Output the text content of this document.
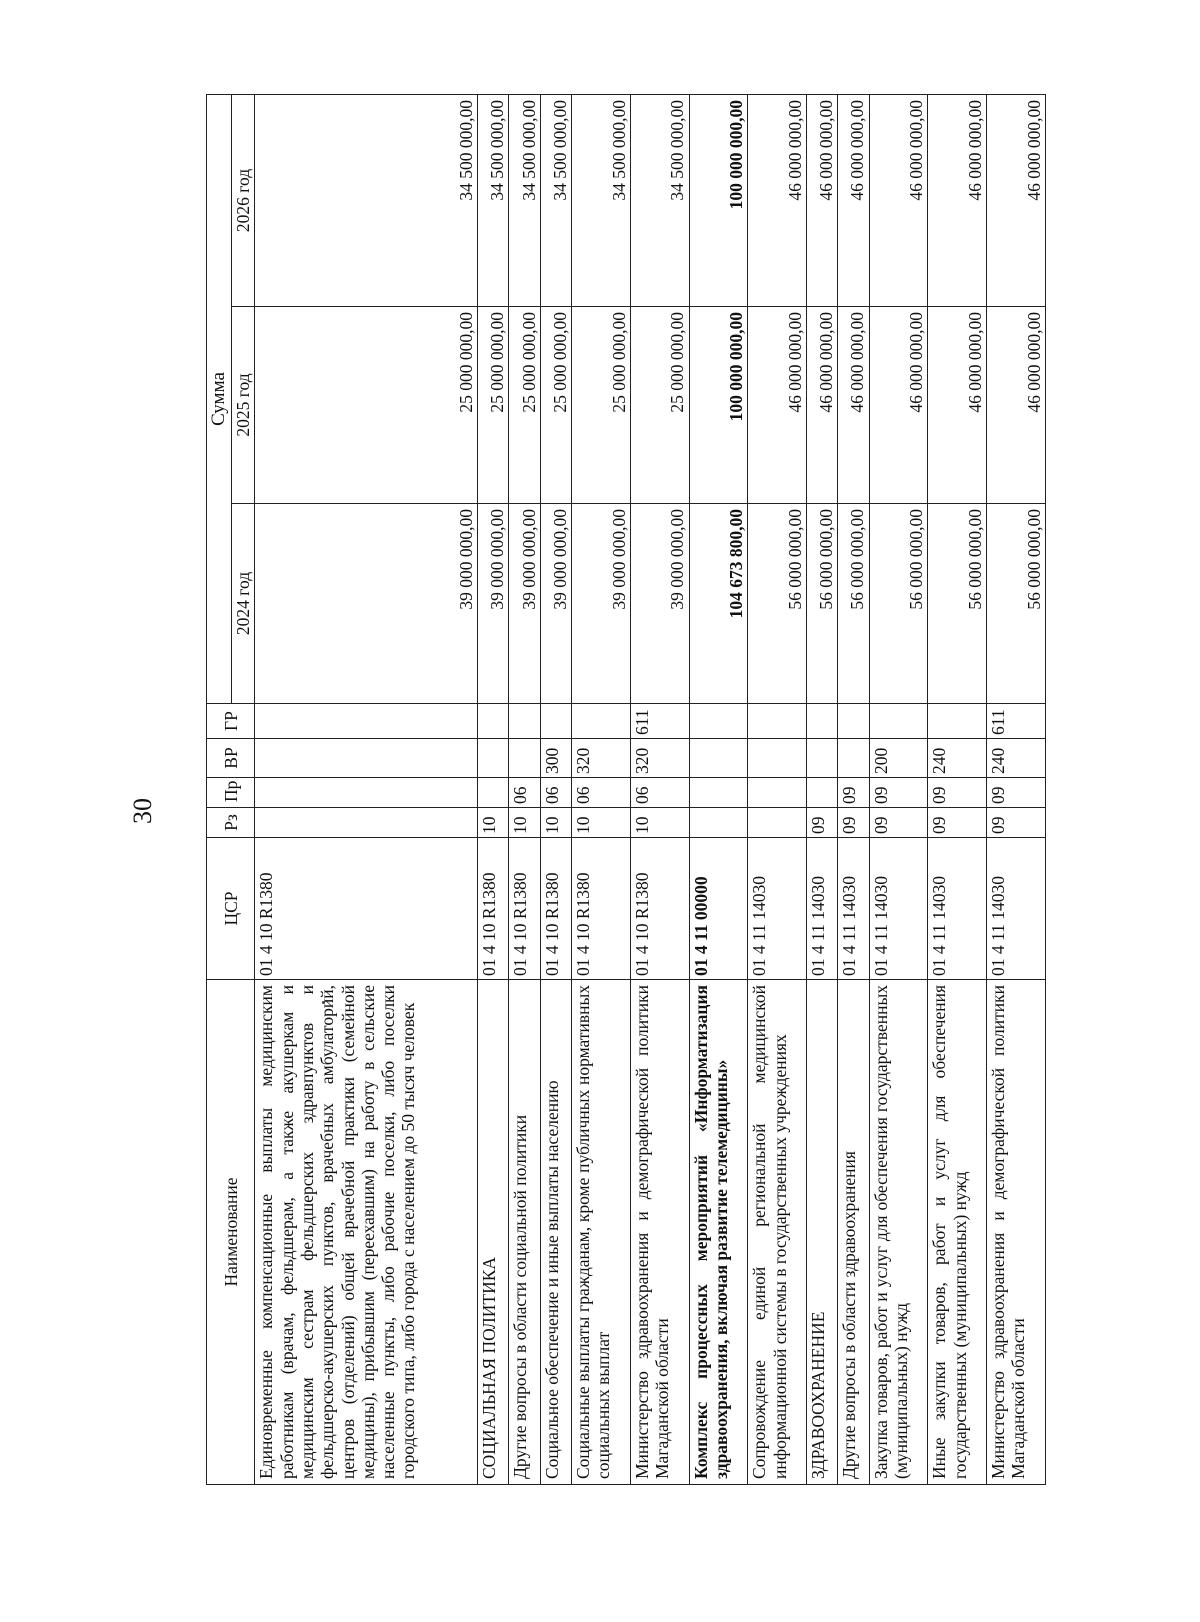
30
Наименование	ЦСР	Рз	Пр	ВР	ГР	Сумма		
						2024 год	2025 год	2026 год
Единовременные компенсационные выплаты медицинским работникам (врачам, фельдшерам, а также акушеркам и медицинским сестрам фельдшерских здравпунктов и фельдшерско-акушерских пунктов, врачебных амбулаторий, центров (отделений) общей врачебной практики (семейной медицины), прибывшим (переехавшим) на работу в сельские населенные пункты, либо рабочие поселки, либо поселки городского типа, либо города с населением до 50 тысяч человек	01 4 10 R1380					39 000 000,00	25 000 000,00	34 500 000,00
СОЦИАЛЬНАЯ ПОЛИТИКА	01 4 10 R1380	10				39 000 000,00	25 000 000,00	34 500 000,00
Другие вопросы в области социальной политики	01 4 10 R1380	10	06			39 000 000,00	25 000 000,00	34 500 000,00
Социальное обеспечение и иные выплаты населению	01 4 10 R1380	10	06	300		39 000 000,00	25 000 000,00	34 500 000,00
Социальные выплаты гражданам, кроме публичных нормативных социальных выплат	01 4 10 R1380	10	06	320		39 000 000,00	25 000 000,00	34 500 000,00
Министерство здравоохранения и демографической политики Магаданской области	01 4 10 R1380	10	06	320	611	39 000 000,00	25 000 000,00	34 500 000,00
Комплекс процессных мероприятий «Информатизация здравоохранения, включая развитие телемедицины»	01 4 11 00000					104 673 800,00	100 000 000,00	100 000 000,00
Сопровождение единой региональной медицинской информационной системы в государственных учреждениях	01 4 11 14030					56 000 000,00	46 000 000,00	46 000 000,00
ЗДРАВООХРАНЕНИЕ	01 4 11 14030	09				56 000 000,00	46 000 000,00	46 000 000,00
Другие вопросы в области здравоохранения	01 4 11 14030	09	09			56 000 000,00	46 000 000,00	46 000 000,00
Закупка товаров, работ и услуг для обеспечения государственных (муниципальных) нужд	01 4 11 14030	09	09	200		56 000 000,00	46 000 000,00	46 000 000,00
Иные закупки товаров, работ и услуг для обеспечения государственных (муниципальных) нужд	01 4 11 14030	09	09	240		56 000 000,00	46 000 000,00	46 000 000,00
Министерство здравоохранения и демографической политики Магаданской области	01 4 11 14030	09	09	240	611	56 000 000,00	46 000 000,00	46 000 000,00
